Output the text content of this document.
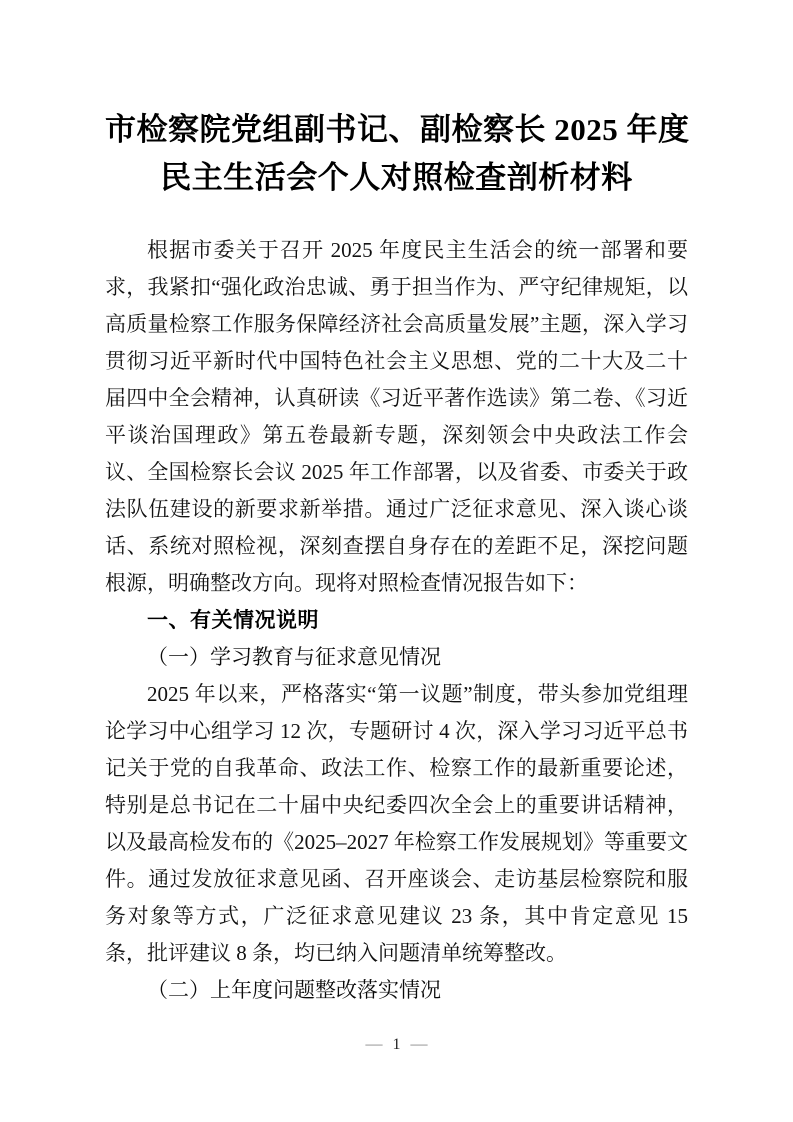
市检察院党组副书记、副检察长 2025 年度
民主生活会个人对照检查剖析材料

根据市委关于召开 2025 年度民主生活会的统一部署和要求，我紧扣“强化政治忠诚、勇于担当作为、严守纪律规矩，以高质量检察工作服务保障经济社会高质量发展”主题，深入学习贯彻习近平新时代中国特色社会主义思想、党的二十大及二十届四中全会精神，认真研读《习近平著作选读》第二卷、《习近平谈治国理政》第五卷最新专题，深刻领会中央政法工作会议、全国检察长会议 2025 年工作部署，以及省委、市委关于政法队伍建设的新要求新举措。通过广泛征求意见、深入谈心谈话、系统对照检视，深刻查摆自身存在的差距不足，深挖问题根源，明确整改方向。现将对照检查情况报告如下：

一、有关情况说明

（一）学习教育与征求意见情况

2025 年以来，严格落实“第一议题”制度，带头参加党组理论学习中心组学习 12 次，专题研讨 4 次，深入学习习近平总书记关于党的自我革命、政法工作、检察工作的最新重要论述，特别是总书记在二十届中央纪委四次全会上的重要讲话精神，以及最高检发布的《2025–2027 年检察工作发展规划》等重要文件。通过发放征求意见函、召开座谈会、走访基层检察院和服务对象等方式，广泛征求意见建议 23 条，其中肯定意见 15 条，批评建议 8 条，均已纳入问题清单统筹整改。

（二）上年度问题整改落实情况

— 1 —
